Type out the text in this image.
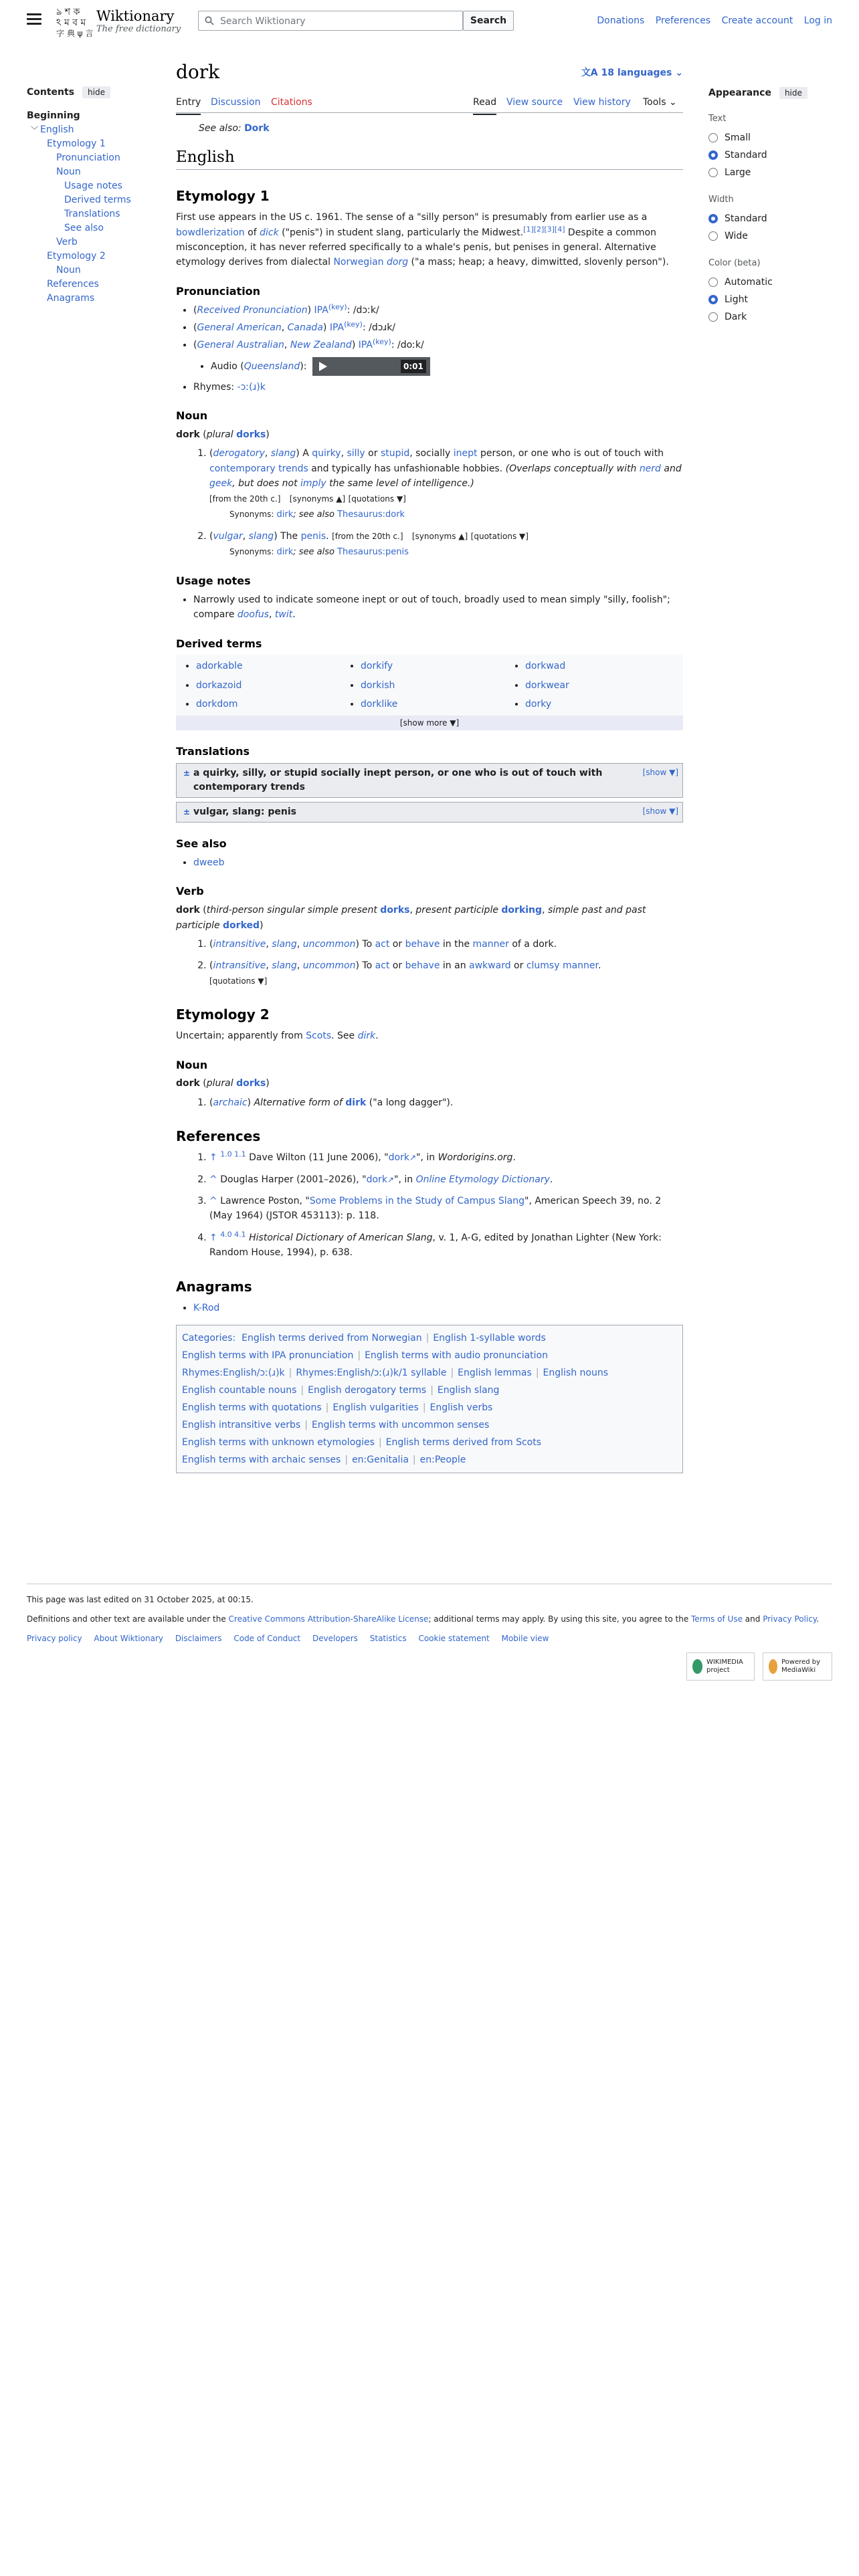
ঌ শ ক
ঽ ম ব ম
字 典 ψ 言
Wiktionary
The free dictionary
Search Wiktionary
Search	Donations Preferences Create account Log in
Contents hide
Beginning
﹀ English
Etymology 1
Pronunciation
Noun
Usage notes
Derived terms
Translations
See also
Verb
Etymology 2
Noun
References
Anagrams
dork	文A 18 languages ⌄
Entry Discussion Citations	Read View source View history Tools ⌄
See also: Dork
English
Etymology 1

First use appears in the US c. 1961. The sense of a "silly person" is presumably from earlier use as a bowdlerization of dick ("penis") in student slang, particularly the Midwest.[1][2][3][4] Despite a common misconception, it has never referred specifically to a whale's penis, but penises in general. Alternative etymology derives from dialectal Norwegian dorg ("a mass; heap; a heavy, dimwitted, slovenly person").

Pronunciation
• (Received Pronunciation) $IPA^{(key)}$: /dɔːk/
• (General American, Canada) $IPA^{(key)}$: /dɔɹk/
• (General Australian, New Zealand) $IPA^{(key)}$: /doːk/
• Audio (Queensland):	0:01
• Rhymes: -ɔː(ɹ)k
Noun

dork (plural dorks)

1. (derogatory, slang) A quirky, silly or stupid, socially inept person, or one who is out of touch with contemporary trends and typically has unfashionable hobbies. (Overlaps conceptually with nerd and geek, but does not imply the same level of intelligence.)
[from the 20th c.] [synonyms ▲] [quotations ▼]
Synonyms: dirk; see also Thesaurus:dork
2. (vulgar, slang) The penis. [from the 20th c.] [synonyms ▲] [quotations ▼]
Synonyms: dirk; see also Thesaurus:penis
Usage notes
• Narrowly used to indicate someone inept or out of touch, broadly used to mean simply "silly, foolish"; compare doofus, twit.
Derived terms
• adorkable
• dorkazoid
• dorkdom
• dorkify
• dorkish
• dorklike
• dorkwad
• dorkwear
• dorky
[show more ▼]
Translations
± a quirky, silly, or stupid socially inept person, or one who is out of touch with contemporary trends
[show ▼]
± vulgar, slang: penis	[show ▼]
See also
• dweeb
Verb

dork (third-person singular simple present dorks, present participle dorking, simple past and past participle dorked)

1. (intransitive, slang, uncommon) To act or behave in the manner of a dork.
2. (intransitive, slang, uncommon) To act or behave in an awkward or clumsy manner.
[quotations ▼]
Etymology 2

Uncertain; apparently from Scots. See dirk.

Noun

dork (plural dorks)

1. (archaic) Alternative form of dirk ("a long dagger").
References
1. ↑ $^{1.0 1.1}$ Dave Wilton (11 June 2006), "dork↗", in Wordorigins.org.
2. ^ Douglas Harper (2001–2026), "dork↗", in Online Etymology Dictionary.
3. ^ Lawrence Poston, "Some Problems in the Study of Campus Slang", American Speech 39, no. 2 (May 1964) (JSTOR 453113): p. 118.
4. ↑ $^{4.0 4.1}$ Historical Dictionary of American Slang, v. 1, A-G, edited by Jonathan Lighter (New York: Random House, 1994), p. 638.
Anagrams
• K-Rod
Categories: English terms derived from Norwegian | English 1-syllable words
English terms with IPA pronunciation | English terms with audio pronunciation
Rhymes:English/ɔː(ɹ)k | Rhymes:English/ɔː(ɹ)k/1 syllable | English lemmas | English nouns
English countable nouns | English derogatory terms | English slang
English terms with quotations | English vulgarities | English verbs
English intransitive verbs | English terms with uncommon senses
English terms with unknown etymologies | English terms derived from Scots
English terms with archaic senses | en:Genitalia | en:People
Appearance hide
Text
Small
Standard
Large
Width
Standard
Wide
Color (beta)
Automatic
Light
Dark
This page was last edited on 31 October 2025, at 00:15.
Definitions and other text are available under the Creative Commons Attribution-ShareAlike License; additional terms may apply. By using this site, you agree to the Terms of Use and Privacy Policy.
Privacy policy About Wiktionary Disclaimers Code of Conduct Developers Statistics Cookie statement Mobile view
WIKIMEDIA project
Powered by MediaWiki
